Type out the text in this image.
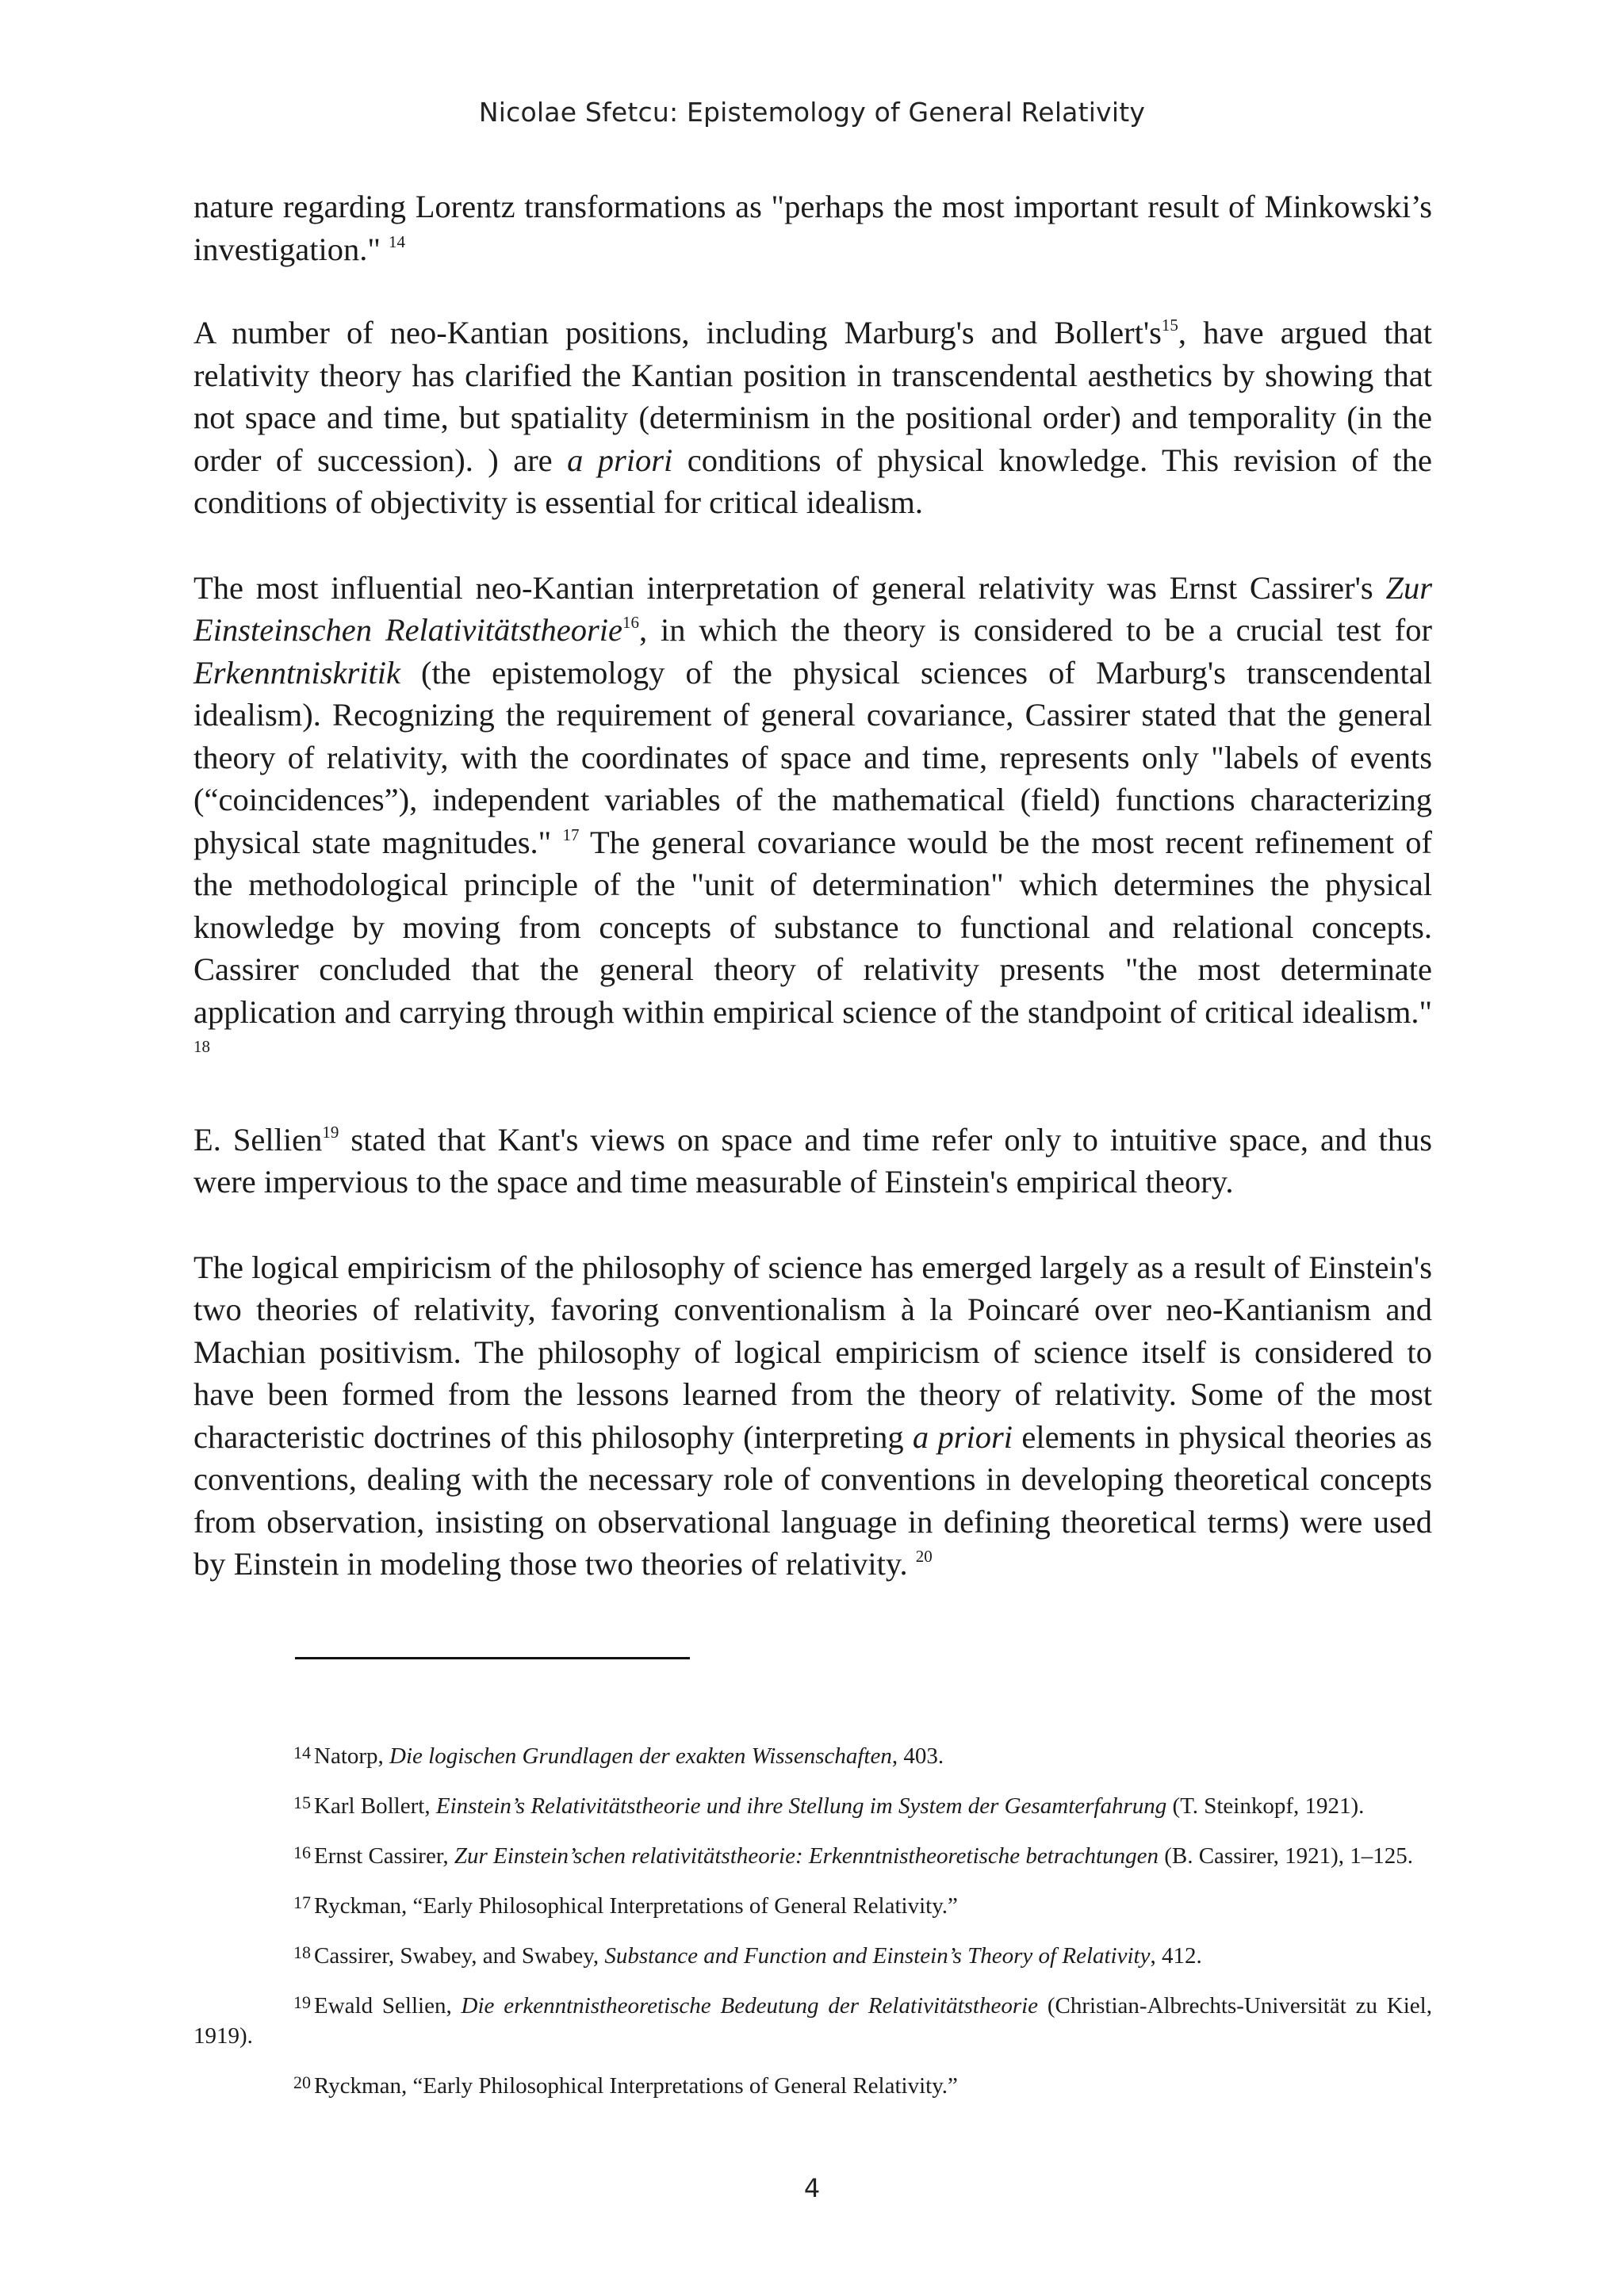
Nicolae Sfetcu: Epistemology of General Relativity

nature regarding Lorentz transformations as "perhaps the most important result of Minkowski’s investigation." $^{14}$

A number of neo-Kantian positions, including Marburg's and $Bollert's^{15}$, have argued that relativity theory has clarified the Kantian position in transcendental aesthetics by showing that not space and time, but spatiality (determinism in the positional order) and temporality (in the order of succession). ) are a priori conditions of physical knowledge. This revision of the conditions of objectivity is essential for critical idealism.

The most influential neo-Kantian interpretation of general relativity was Ernst Cassirer's Zur Einsteinschen Relativitätstheorie$^{16}$, in which the theory is considered to be a crucial test for Erkenntniskritik (the epistemology of the physical sciences of Marburg's transcendental idealism). Recognizing the requirement of general covariance, Cassirer stated that the general theory of relativity, with the coordinates of space and time, represents only "labels of events (“coincidences”), independent variables of the mathematical (field) functions characterizing physical state magnitudes." $^{17}$ The general covariance would be the most recent refinement of the methodological principle of the "unit of determination" which determines the physical knowledge by moving from concepts of substance to functional and relational concepts. Cassirer concluded that the general theory of relativity presents "the most determinate application and carrying through within empirical science of the standpoint of critical idealism." $^{18}$

E. Sellien$^{19}$ stated that Kant's views on space and time refer only to intuitive space, and thus were impervious to the space and time measurable of Einstein's empirical theory.

The logical empiricism of the philosophy of science has emerged largely as a result of Einstein's two theories of relativity, favoring conventionalism à la Poincaré over neo-Kantianism and Machian positivism. The philosophy of logical empiricism of science itself is considered to have been formed from the lessons learned from the theory of relativity. Some of the most characteristic doctrines of this philosophy (interpreting a priori elements in physical theories as conventions, dealing with the necessary role of conventions in developing theoretical concepts from observation, insisting on observational language in defining theoretical terms) were used by Einstein in modeling those two theories of relativity. $^{20}$

$^{14}$ Natorp, Die logischen Grundlagen der exakten Wissenschaften, 403.

$^{15}$ Karl Bollert, Einstein’s Relativitätstheorie und ihre Stellung im System der Gesamterfahrung (T. Steinkopf, 1921).

$^{16}$ Ernst Cassirer, Zur Einstein’schen relativitätstheorie: Erkenntnistheoretische betrachtungen (B. Cassirer, 1921), 1–125.

$^{17}$ Ryckman, “Early Philosophical Interpretations of General Relativity.”

$^{18}$ Cassirer, Swabey, and Swabey, Substance and Function and Einstein’s Theory of Relativity, 412.

$^{19}$ Ewald Sellien, Die erkenntnistheoretische Bedeutung der Relativitätstheorie (Christian-Albrechts-Universität zu Kiel, 1919).

$^{20}$ Ryckman, “Early Philosophical Interpretations of General Relativity.”

4
